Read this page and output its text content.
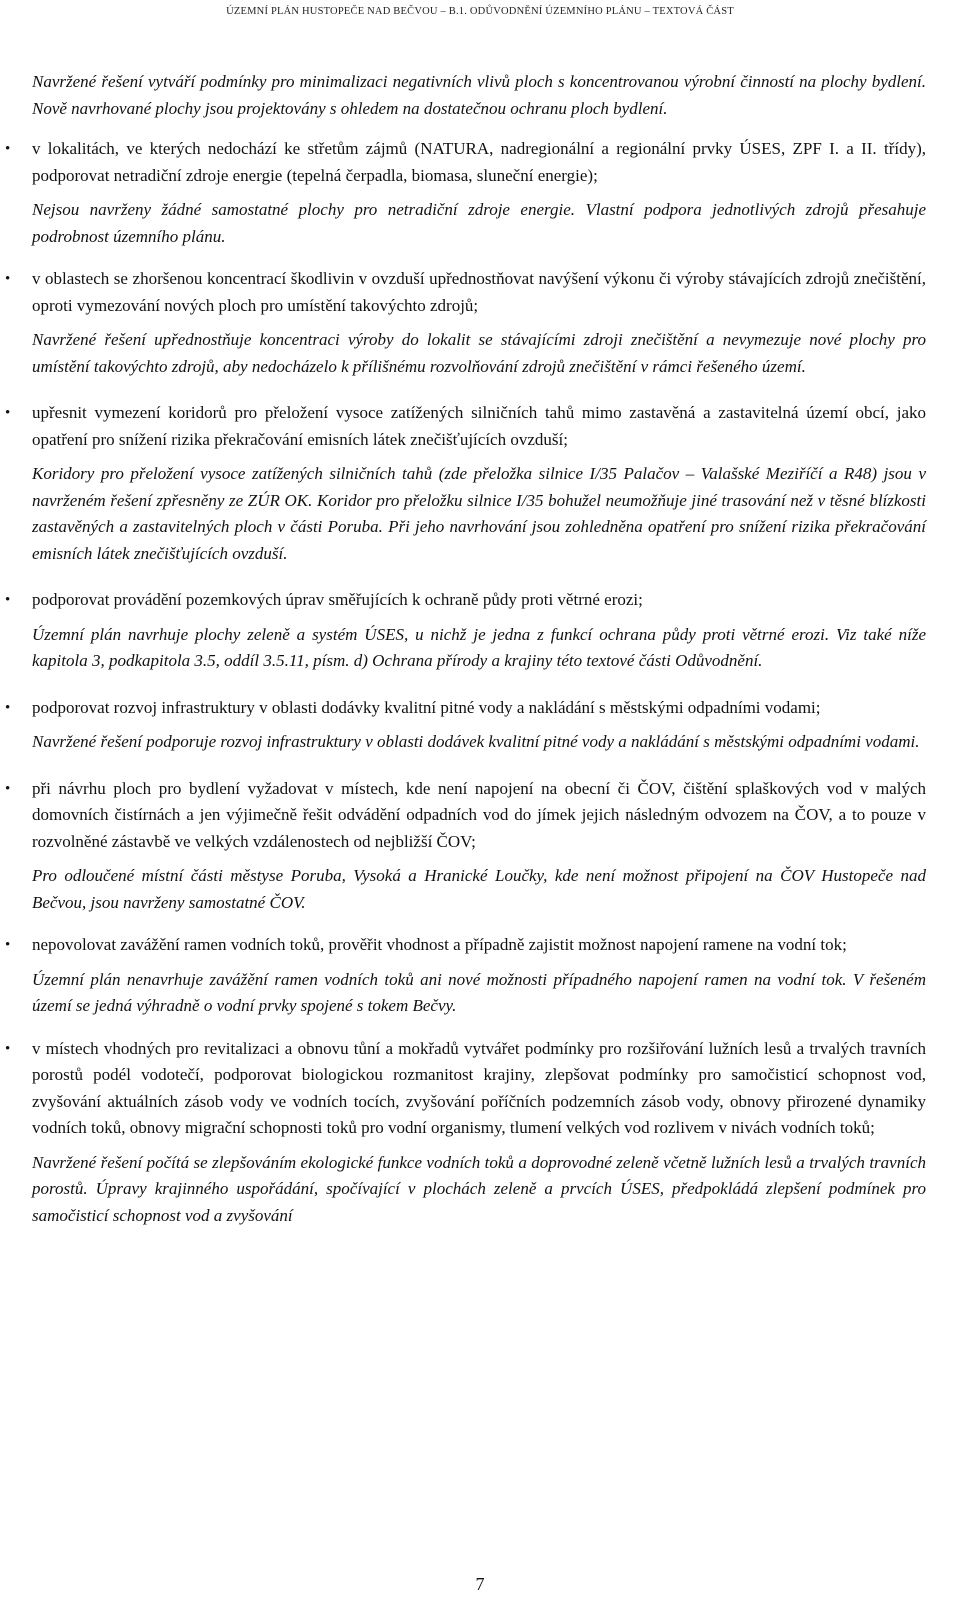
ÚZEMNÍ PLÁN HUSTOPEČE NAD BEČVOU – B.1. ODŮVODNĚNÍ ÚZEMNÍHO PLÁNU – TEXTOVÁ ČÁST

Navržené řešení vytváří podmínky pro minimalizaci negativních vlivů ploch s koncentrovanou výrobní činností na plochy bydlení. Nově navrhované plochy jsou projektovány s ohledem na dostatečnou ochranu ploch bydlení.

• v lokalitách, ve kterých nedochází ke střetům zájmů (NATURA, nadregionální a regionální prvky ÚSES, ZPF I. a II. třídy), podporovat netradiční zdroje energie (tepelná čerpadla, biomasa, sluneční energie);

Nejsou navrženy žádné samostatné plochy pro netradiční zdroje energie. Vlastní podpora jednotlivých zdrojů přesahuje podrobnost územního plánu.

• v oblastech se zhoršenou koncentrací škodlivin v ovzduší upřednostňovat navýšení výkonu či výroby stávajících zdrojů znečištění, oproti vymezování nových ploch pro umístění takovýchto zdrojů;

Navržené řešení upřednostňuje koncentraci výroby do lokalit se stávajícími zdroji znečištění a nevymezuje nové plochy pro umístění takovýchto zdrojů, aby nedocházelo k přílišnému rozvolňování zdrojů znečištění v rámci řešeného území.

• upřesnit vymezení koridorů pro přeložení vysoce zatížených silničních tahů mimo zastavěná a zastavitelná území obcí, jako opatření pro snížení rizika překračování emisních látek znečišťujících ovzduší;

Koridory pro přeložení vysoce zatížených silničních tahů (zde přeložka silnice I/35 Palačov – Valašské Meziříčí a R48) jsou v navrženém řešení zpřesněny ze ZÚR OK. Koridor pro přeložku silnice I/35 bohužel neumožňuje jiné trasování než v těsné blízkosti zastavěných a zastavitelných ploch v části Poruba. Při jeho navrhování jsou zohledněna opatření pro snížení rizika překračování emisních látek znečišťujících ovzduší.

• podporovat provádění pozemkových úprav směřujících k ochraně půdy proti větrné erozi;

Územní plán navrhuje plochy zeleně a systém ÚSES, u nichž je jedna z funkcí ochrana půdy proti větrné erozi. Viz také níže kapitola 3, podkapitola 3.5, oddíl 3.5.11, písm. d) Ochrana přírody a krajiny této textové části Odůvodnění.

• podporovat rozvoj infrastruktury v oblasti dodávky kvalitní pitné vody a nakládání s městskými odpadními vodami;

Navržené řešení podporuje rozvoj infrastruktury v oblasti dodávek kvalitní pitné vody a nakládání s městskými odpadními vodami.

• při návrhu ploch pro bydlení vyžadovat v místech, kde není napojení na obecní či ČOV, čištění splaškových vod v malých domovních čistírnách a jen výjimečně řešit odvádění odpadních vod do jímek jejich následným odvozem na ČOV, a to pouze v rozvolněné zástavbě ve velkých vzdálenostech od nejbližší ČOV;

Pro odloučené místní části městyse Poruba, Vysoká a Hranické Loučky, kde není možnost připojení na ČOV Hustopeče nad Bečvou, jsou navrženy samostatné ČOV.

• nepovolovat zavážění ramen vodních toků, prověřit vhodnost a případně zajistit možnost napojení ramene na vodní tok;

Územní plán nenavrhuje zavážění ramen vodních toků ani nové možnosti případného napojení ramen na vodní tok. V řešeném území se jedná výhradně o vodní prvky spojené s tokem Bečvy.

• v místech vhodných pro revitalizaci a obnovu tůní a mokřadů vytvářet podmínky pro rozšiřování lužních lesů a trvalých travních porostů podél vodotečí, podporovat biologickou rozmanitost krajiny, zlepšovat podmínky pro samočisticí schopnost vod, zvyšování aktuálních zásob vody ve vodních tocích, zvyšování poříčních podzemních zásob vody, obnovy přirozené dynamiky vodních toků, obnovy migrační schopnosti toků pro vodní organismy, tlumení velkých vod rozlivem v nivách vodních toků;

Navržené řešení počítá se zlepšováním ekologické funkce vodních toků a doprovodné zeleně včetně lužních lesů a trvalých travních porostů. Úpravy krajinného uspořádání, spočívající v plochách zeleně a prvcích ÚSES, předpokládá zlepšení podmínek pro samočisticí schopnost vod a zvyšování

7
